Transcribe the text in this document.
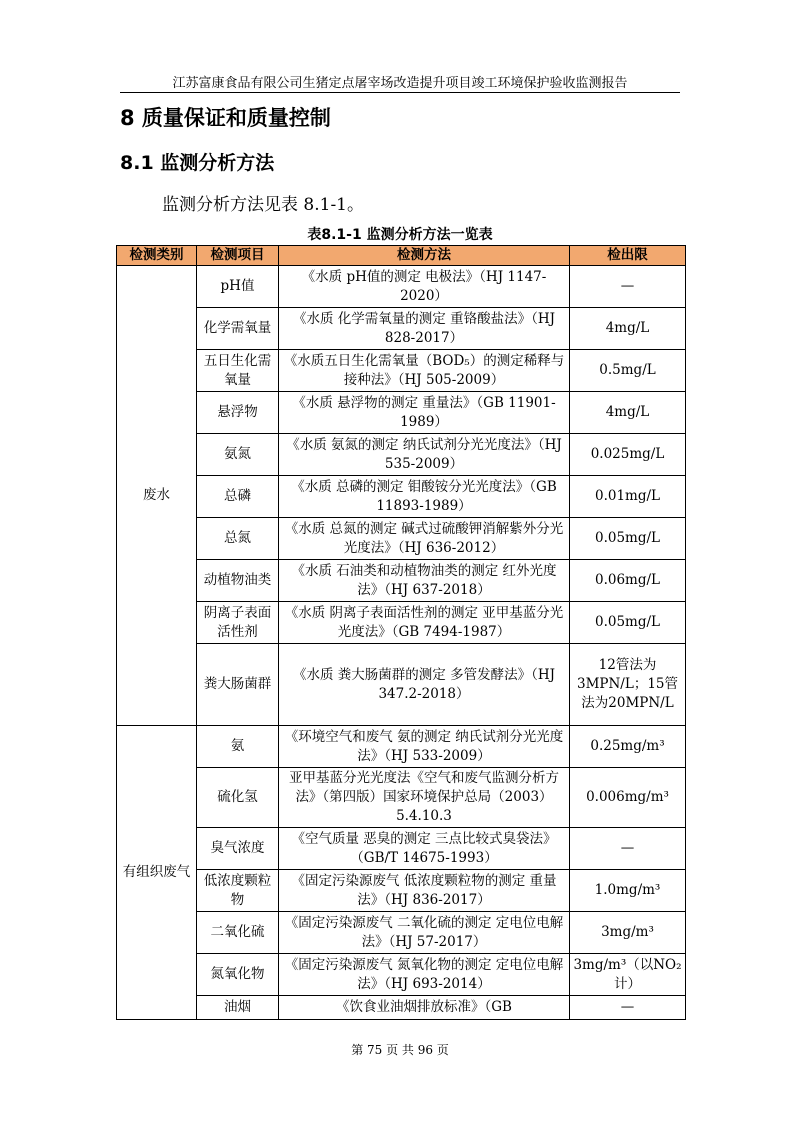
江苏富康食品有限公司生猪定点屠宰场改造提升项目竣工环境保护验收监测报告
8 质量保证和质量控制
8.1 监测分析方法
监测分析方法见表 8.1-1。
表8.1-1 监测分析方法一览表
检测类别	检测项目	检测方法	检出限
废水	pH值	《水质 pH值的测定 电极法》（HJ 1147-2020）	—
	化学需氧量	《水质 化学需氧量的测定 重铬酸盐法》（HJ 828-2017）	4mg/L
	五日生化需氧量	《水质五日生化需氧量（BOD₅）的测定稀释与接种法》（HJ 505-2009）	0.5mg/L
	悬浮物	《水质 悬浮物的测定 重量法》（GB 11901-1989）	4mg/L
	氨氮	《水质 氨氮的测定 纳氏试剂分光光度法》（HJ 535-2009）	0.025mg/L
	总磷	《水质 总磷的测定 钼酸铵分光光度法》（GB 11893-1989）	0.01mg/L
	总氮	《水质 总氮的测定 碱式过硫酸钾消解紫外分光光度法》（HJ 636-2012）	0.05mg/L
	动植物油类	《水质 石油类和动植物油类的测定 红外光度法》（HJ 637-2018）	0.06mg/L
	阴离子表面活性剂	《水质 阴离子表面活性剂的测定 亚甲基蓝分光光度法》（GB 7494-1987）	0.05mg/L
	粪大肠菌群	《水质 粪大肠菌群的测定 多管发酵法》（HJ 347.2-2018）	12管法为3MPN/L；15管法为20MPN/L
有组织废气	氨	《环境空气和废气 氨的测定 纳氏试剂分光光度法》（HJ 533-2009）	0.25mg/m³
	硫化氢	亚甲基蓝分光光度法《空气和废气监测分析方法》（第四版）国家环境保护总局（2003）5.4.10.3	0.006mg/m³
	臭气浓度	《空气质量 恶臭的测定 三点比较式臭袋法》（GB/T 14675-1993）	—
	低浓度颗粒物	《固定污染源废气 低浓度颗粒物的测定 重量法》（HJ 836-2017）	1.0mg/m³
	二氧化硫	《固定污染源废气 二氧化硫的测定 定电位电解法》（HJ 57-2017）	3mg/m³
	氮氧化物	《固定污染源废气 氮氧化物的测定 定电位电解法》（HJ 693-2014）	3mg/m³（以NO₂计）
	油烟	《饮食业油烟排放标准》（GB	—
第 75 页 共 96 页
